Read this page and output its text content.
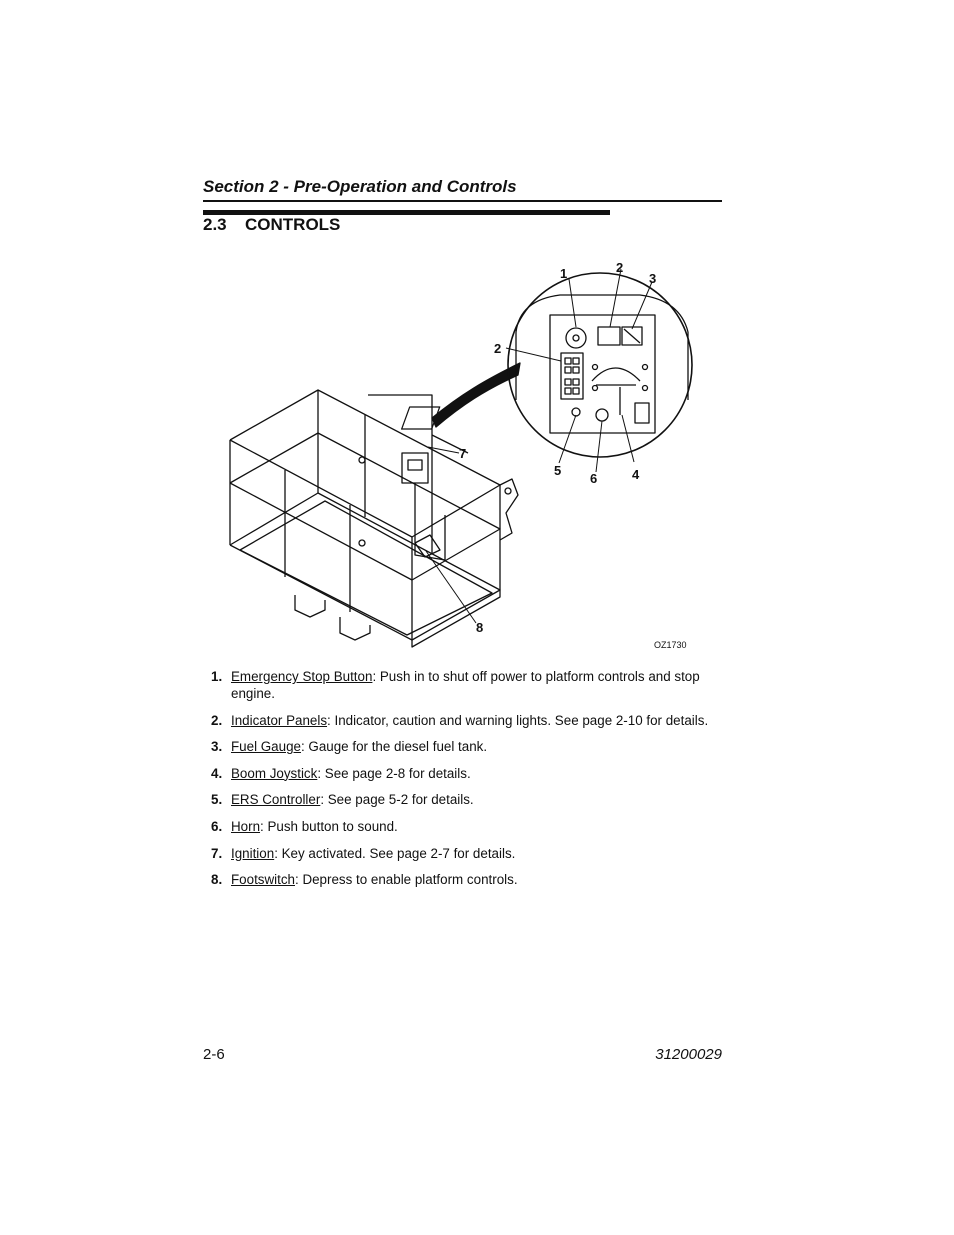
Section 2 - Pre-Operation and Controls

2.3 CONTROLS
1	2
3
2
5
6	4
7
8
OZ1730
1. Emergency Stop Button: Push in to shut off power to platform controls and stop engine.
2. Indicator Panels: Indicator, caution and warning lights. See page 2-10 for details.
3. Fuel Gauge: Gauge for the diesel fuel tank.
4. Boom Joystick: See page 2-8 for details.
5. ERS Controller: See page 5-2 for details.
6. Horn: Push button to sound.
7. Ignition: Key activated. See page 2-7 for details.
8. Footswitch: Depress to enable platform controls.
2-6	31200029
